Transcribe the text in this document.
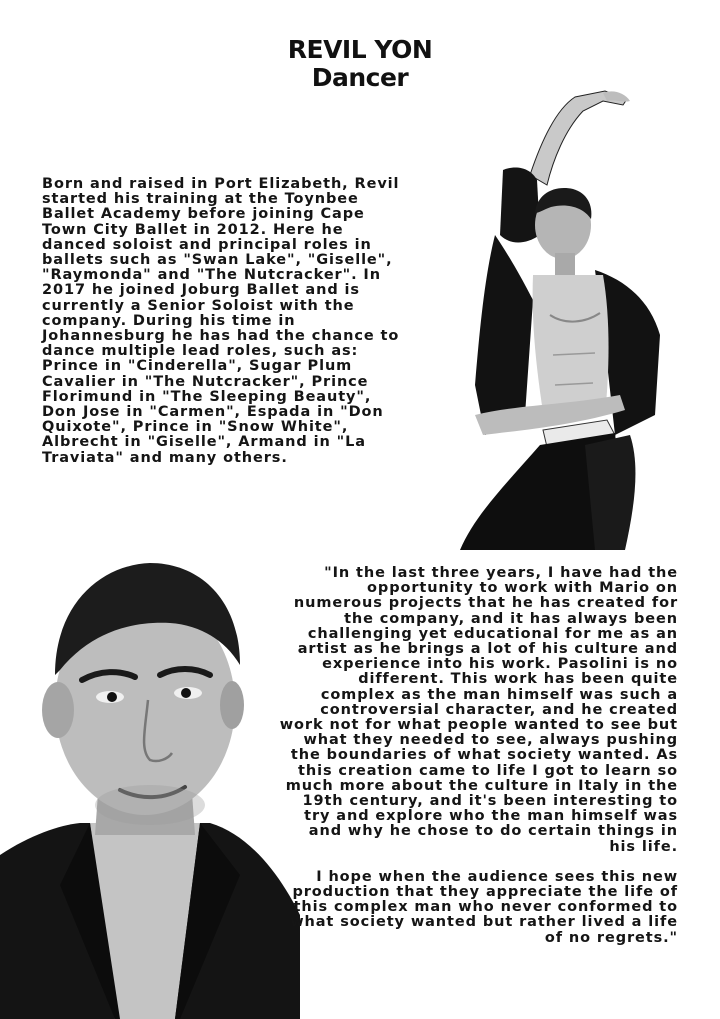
REVIL YON
Dancer
Born and raised in Port Elizabeth, Revil started his training at the Toynbee Ballet Academy before joining Cape Town City Ballet in 2012. Here he danced soloist and principal roles in ballets such as "Swan Lake", "Giselle", "Raymonda" and "The Nutcracker". In 2017 he joined Joburg Ballet and is currently a Senior Soloist with the company. During his time in Johannesburg he has had the chance to dance multiple lead roles, such as: Prince in "Cinderella", Sugar Plum Cavalier in "The Nutcracker", Prince Florimund in "The Sleeping Beauty", Don Jose in "Carmen", Espada in "Don Quixote", Prince in "Snow White", Albrecht in "Giselle", Armand in "La Traviata" and many others.

"In the last three years, I have had the opportunity to work with Mario on numerous projects that he has created for the company, and it has always been challenging yet educational for me as an artist as he brings a lot of his culture and experience into his work. Pasolini is no different. This work has been quite complex as the man himself was such a controversial character, and he created work not for what people wanted to see but what they needed to see, always pushing the boundaries of what society wanted. As this creation came to life I got to learn so much more about the culture in Italy in the 19th century, and it's been interesting to try and explore who the man himself was and why he chose to do certain things in his life.

I hope when the audience sees this new production that they appreciate the life of this complex man who never conformed to what society wanted but rather lived a life of no regrets."
